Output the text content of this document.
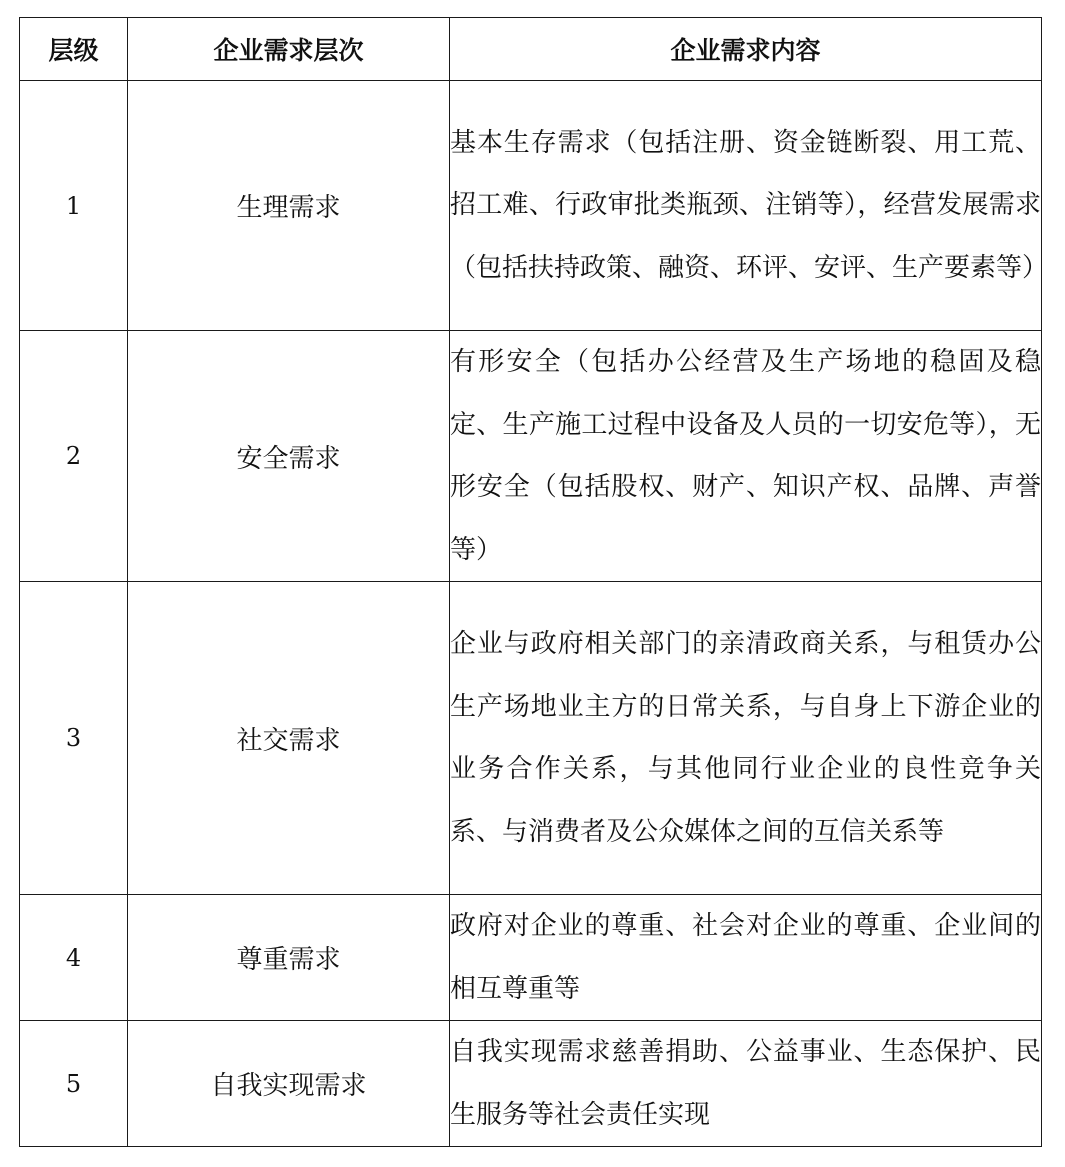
层级	企业需求层次	企业需求内容
1	生理需求	基本生存需求（包括注册、资金链断裂、用工荒、招工难、行政审批类瓶颈、注销等），经营发展需求（包括扶持政策、融资、环评、安评、生产要素等）
2	安全需求	有形安全（包括办公经营及生产场地的稳固及稳定、生产施工过程中设备及人员的一切安危等），无形安全（包括股权、财产、知识产权、品牌、声誉等）
3	社交需求	企业与政府相关部门的亲清政商关系，与租赁办公生产场地业主方的日常关系，与自身上下游企业的业务合作关系，与其他同行业企业的良性竞争关系、与消费者及公众媒体之间的互信关系等
4	尊重需求	政府对企业的尊重、社会对企业的尊重、企业间的相互尊重等
5	自我实现需求	自我实现需求慈善捐助、公益事业、生态保护、民生服务等社会责任实现
